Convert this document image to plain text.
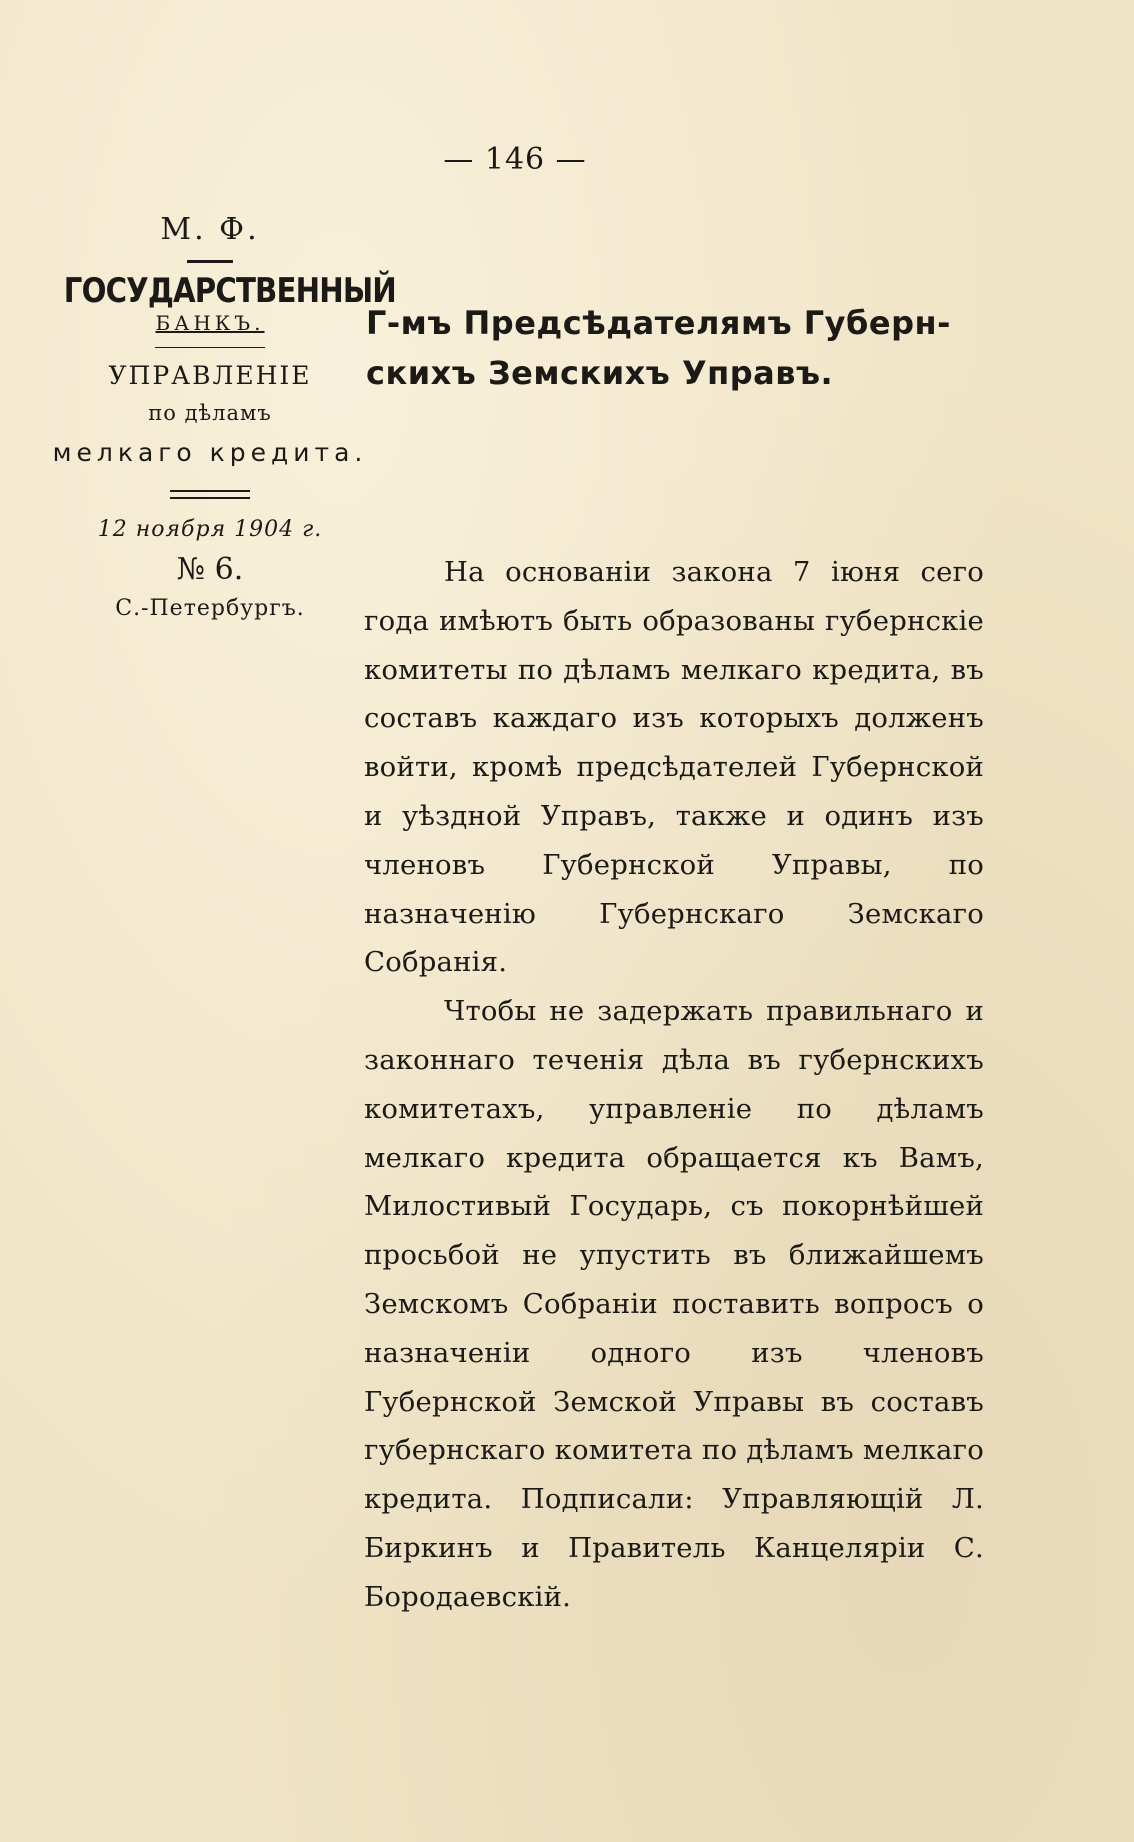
— 146 —

М. Ф.

ГОСУДАРСТВЕННЫЙ

БАНКЪ.

УПРАВЛЕНІЕ

по дѣламъ

мелкаго кредита.

12 ноября 1904 г.

№ 6.

С.-Петербургъ.

Г-мъ Предсѣдателямъ Губерн-
скихъ Земскихъ Управъ.

На основаніи закона 7 іюня сего года имѣютъ быть образованы губернскіе комитеты по дѣламъ мелкаго кредита, въ составъ каждаго изъ которыхъ долженъ войти, кромѣ предсѣдателей Губернской и уѣздной Управъ, также и одинъ изъ членовъ Губернской Управы, по назначенію Губернскаго Земскаго Собранія.

Чтобы не задержать правильнаго и законнаго теченія дѣла въ губернскихъ комитетахъ, управленіе по дѣламъ мелкаго кредита обращается къ Вамъ, Милостивый Государь, съ покорнѣйшей просьбой не упустить въ ближайшемъ Земскомъ Собраніи поставить вопросъ о назначеніи одного изъ членовъ Губернской Земской Управы въ составъ губернскаго комитета по дѣламъ мелкаго кредита. Подписали: Управляющій Л. Биркинъ и Правитель Канцеляріи С. Бородаевскій.
